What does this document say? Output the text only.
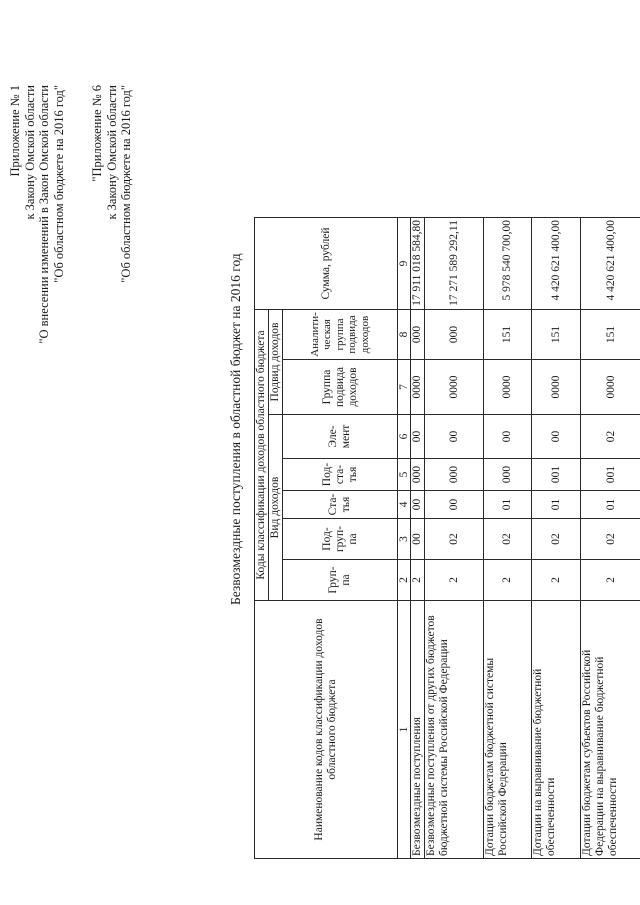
Приложение № 1 к Закону Омской области "О внесении изменений в Закон Омской области "Об областном бюджете на 2016 год" "Приложение № 6 к Закону Омской области "Об областном бюджете на 2016 год"
Безвозмездные поступления в областной бюджет на 2016 год
Наименование кодов классификации доходов областного бюджета	Коды классификации доходов областного бюджета							Сумма, рублей
	Вид доходов					Подвид доходов		
	Груп-па	Под-груп-па	Ста-тья	Под-ста-тья	Эле-мент	Группа подвида доходов	Аналити-ческая группа подвида доходов	
1	2	3	4	5	6	7	8	9
Безвозмездные поступления	2	00	00	000	00	0000	000	17 911 018 584,80
Безвозмездные поступления от других бюджетов бюджетной системы Российской Федерации	2	02	00	000	00	0000	000	17 271 589 292,11
Дотации бюджетам бюджетной системы Российской Федерации	2	02	01	000	00	0000	151	5 978 540 700,00
Дотации на выравнивание бюджетной обеспеченности	2	02	01	001	00	0000	151	4 420 621 400,00
Дотации бюджетам субъектов Российской Федерации на выравнивание бюджетной обеспеченности	2	02	01	001	02	0000	151	4 420 621 400,00
